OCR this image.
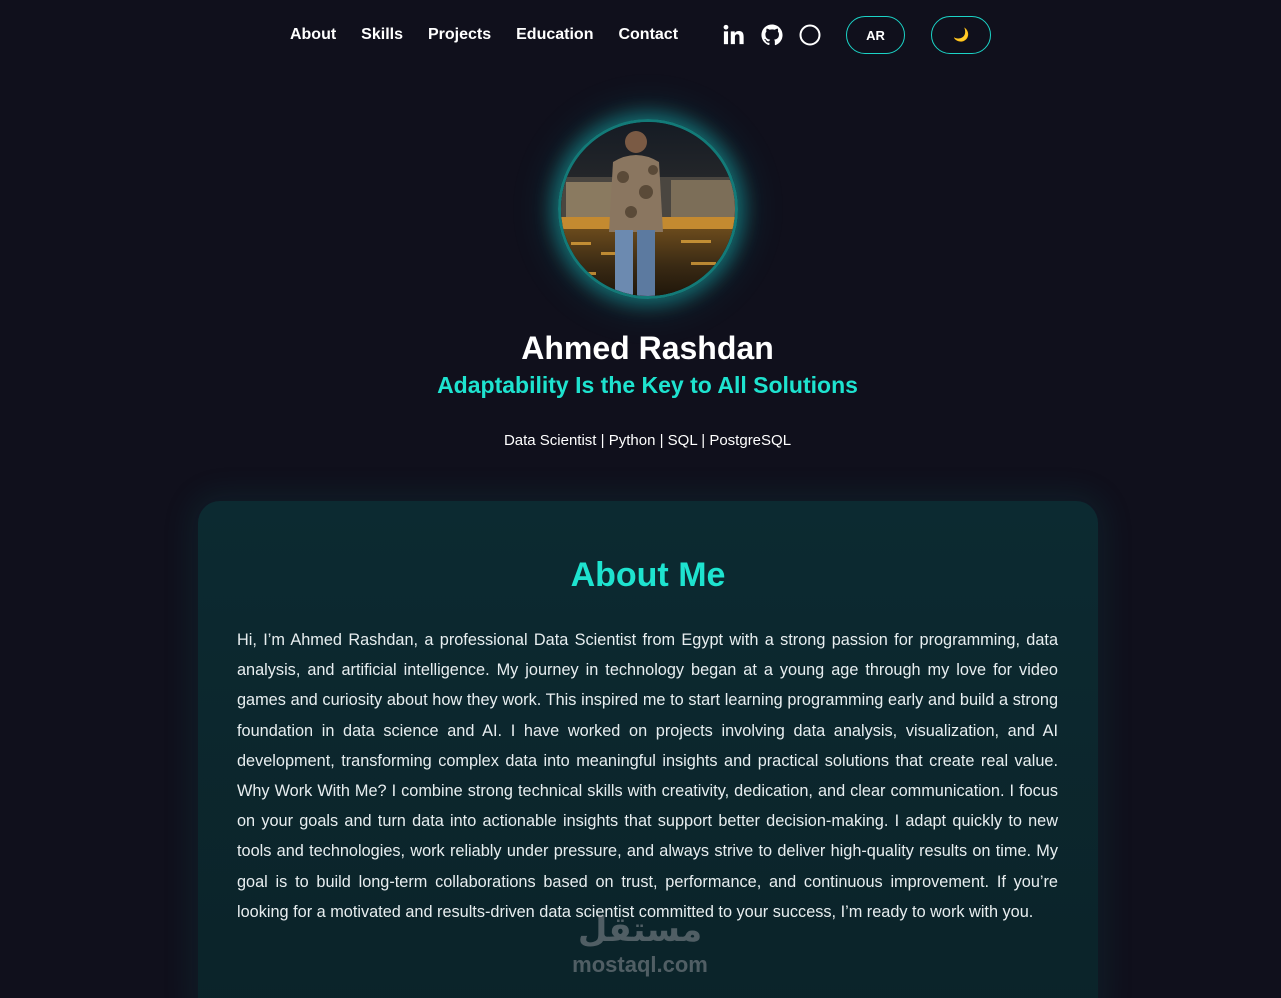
About Skills Projects Education Contact	AR	🌙
Ahmed Rashdan
Adaptability Is the Key to All Solutions

Data Scientist | Python | SQL | PostgreSQL

About Me

Hi, I’m Ahmed Rashdan, a professional Data Scientist from Egypt with a strong passion for programming, data analysis, and artificial intelligence. My journey in technology began at a young age through my love for video games and curiosity about how they work. This inspired me to start learning programming early and build a strong foundation in data science and AI. I have worked on projects involving data analysis, visualization, and AI development, transforming complex data into meaningful insights and practical solutions that create real value. Why Work With Me? I combine strong technical skills with creativity, dedication, and clear communication. I focus on your goals and turn data into actionable insights that support better decision-making. I adapt quickly to new tools and technologies, work reliably under pressure, and always strive to deliver high-quality results on time. My goal is to build long-term collaborations based on trust, performance, and continuous improvement. If you’re looking for a motivated and results-driven data scientist committed to your success, I’m ready to work with you.

مستقل
mostaql.com
